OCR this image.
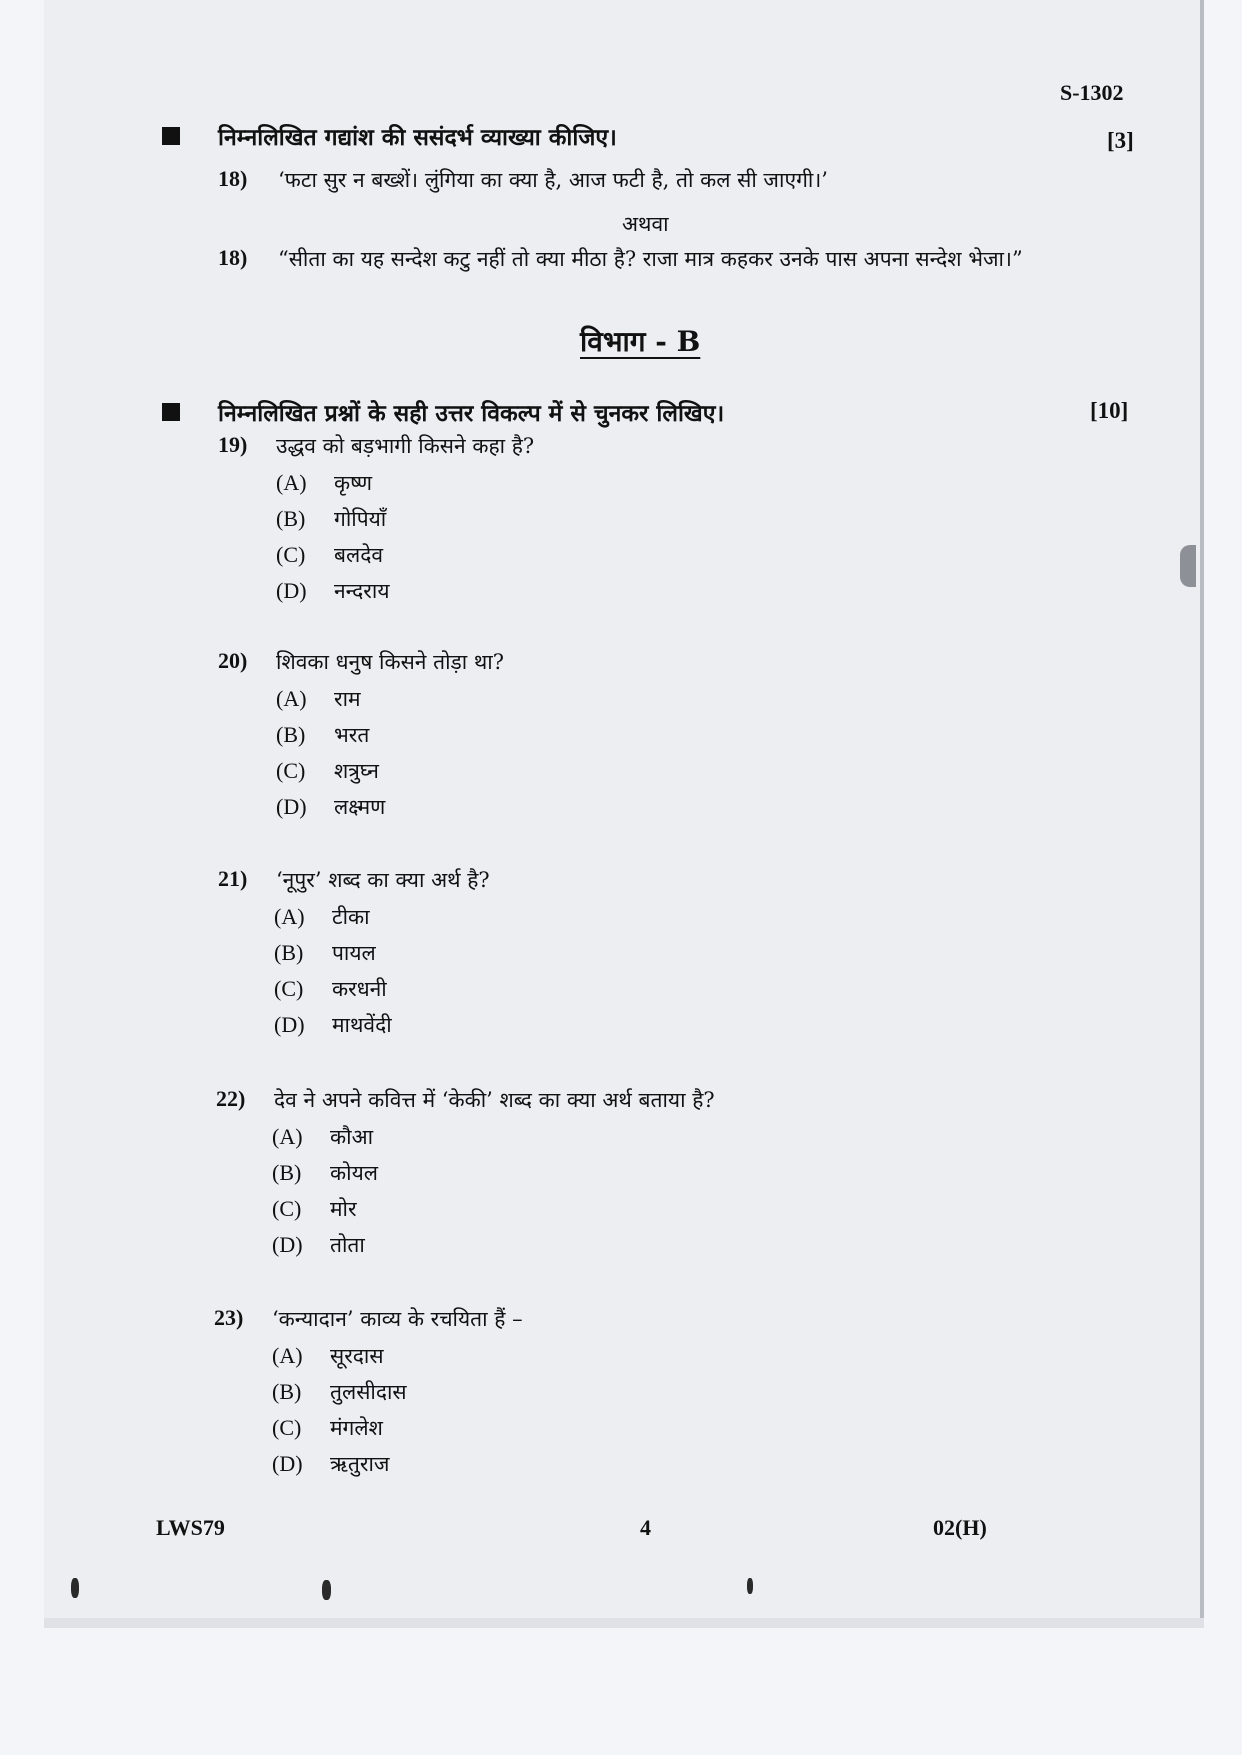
S-1302
निम्नलिखित गद्यांश की ससंदर्भ व्याख्या कीजिए।	[3]
18) ‘फटा सुर न बख्शें। लुंगिया का क्या है, आज फटी है, तो कल सी जाएगी।’
अथवा
18) “सीता का यह सन्देश कटु नहीं तो क्या मीठा है? राजा मात्र कहकर उनके पास अपना सन्देश भेजा।”
विभाग - B
निम्नलिखित प्रश्नों के सही उत्तर विकल्प में से चुनकर लिखिए।	[10]
19) उद्धव को बड़भागी किसने कहा है?
(A) कृष्ण
(B) गोपियाँ
(C) बलदेव
(D) नन्दराय
20) शिवका धनुष किसने तोड़ा था?
(A) राम
(B) भरत
(C) शत्रुघ्न
(D) लक्ष्मण
21) ‘नूपुर’ शब्द का क्या अर्थ है?
(A) टीका
(B) पायल
(C) करधनी
(D) माथवेंदी
22) देव ने अपने कवित्त में ‘केकी’ शब्द का क्या अर्थ बताया है?
(A) कौआ
(B) कोयल
(C) मोर
(D) तोता
23) ‘कन्यादान’ काव्य के रचयिता हैं –
(A) सूरदास
(B) तुलसीदास
(C) मंगलेश
(D) ऋतुराज
LWS79	4	02(H)
